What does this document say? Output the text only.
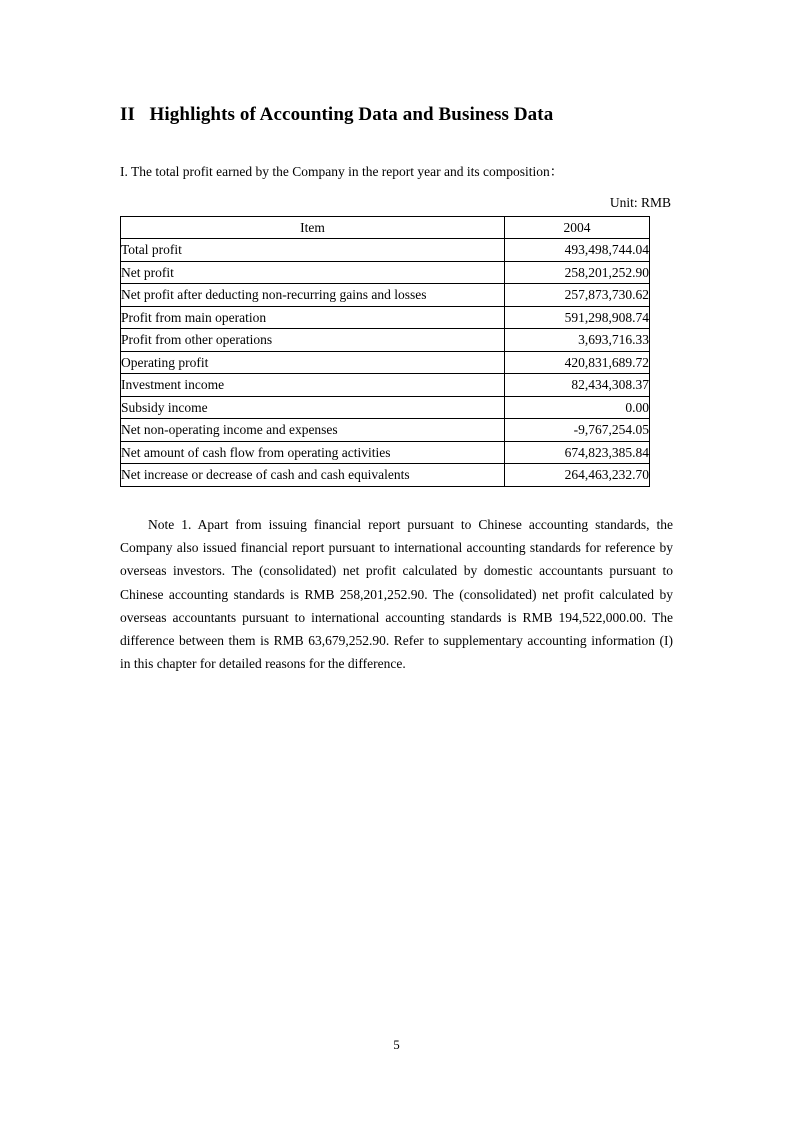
II   Highlights of Accounting Data and Business Data

I. The total profit earned by the Company in the report year and its composition：

Unit: RMB

Item	2004
Total profit	493,498,744.04
Net profit	258,201,252.90
Net profit after deducting non-recurring gains and losses	257,873,730.62
Profit from main operation	591,298,908.74
Profit from other operations	3,693,716.33
Operating profit	420,831,689.72
Investment income	82,434,308.37
Subsidy income	0.00
Net non-operating income and expenses	-9,767,254.05
Net amount of cash flow from operating activities	674,823,385.84
Net increase or decrease of cash and cash equivalents	264,463,232.70

Note 1. Apart from issuing financial report pursuant to Chinese accounting standards, the Company also issued financial report pursuant to international accounting standards for reference by overseas investors. The (consolidated) net profit calculated by domestic accountants pursuant to Chinese accounting standards is RMB 258,201,252.90. The (consolidated) net profit calculated by overseas accountants pursuant to international accounting standards is RMB 194,522,000.00. The difference between them is RMB 63,679,252.90. Refer to supplementary accounting information (I) in this chapter for detailed reasons for the difference.

5
